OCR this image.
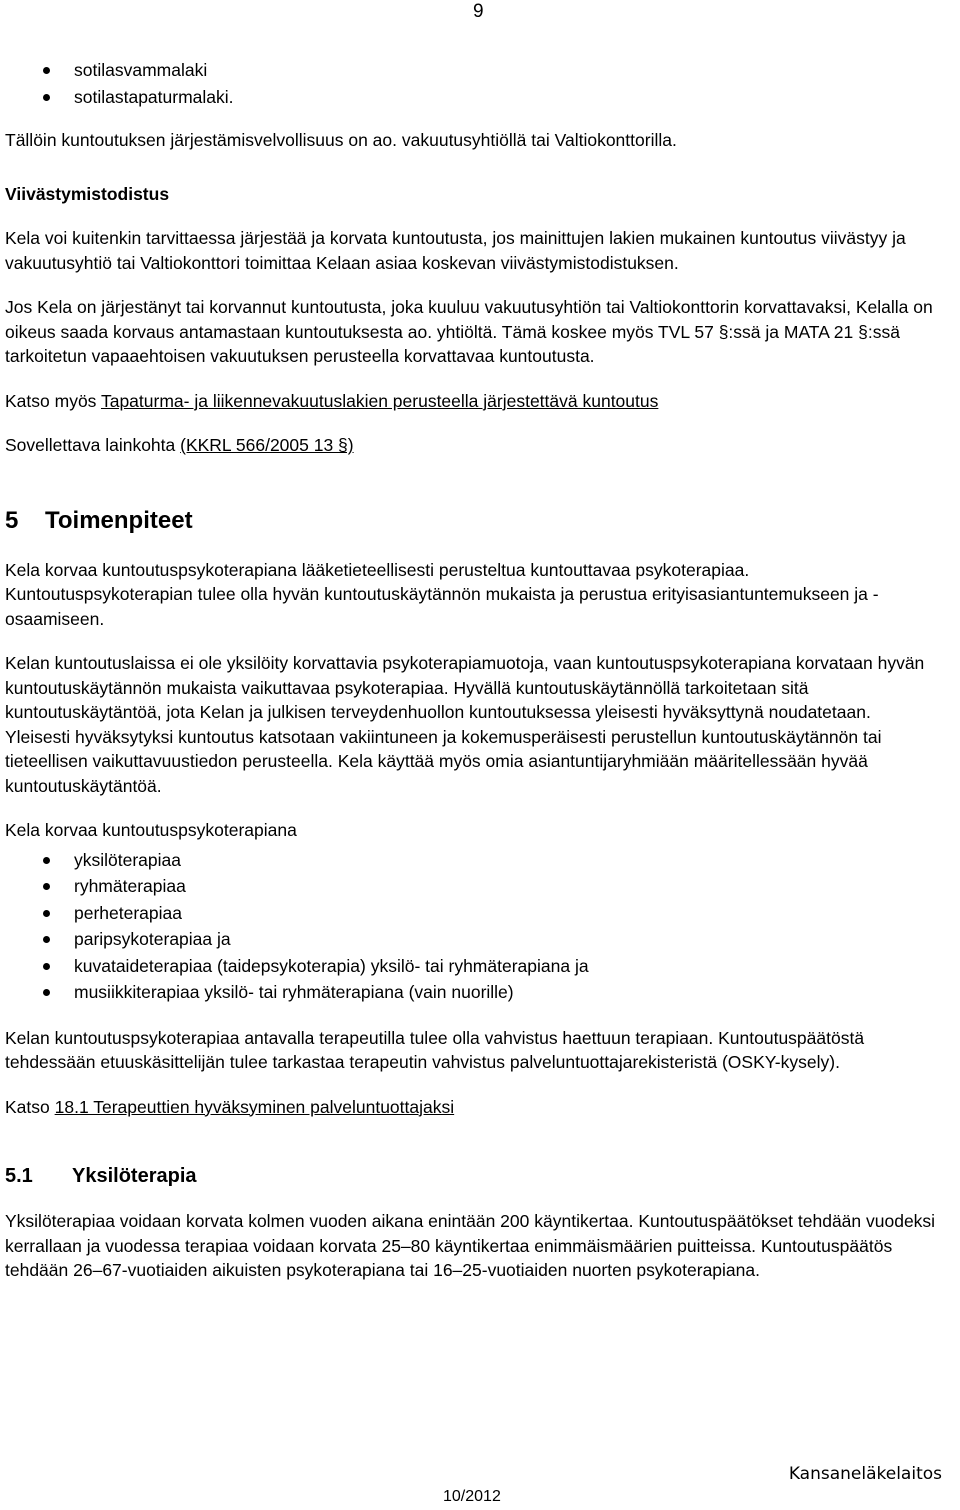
9
sotilasvammalaki
sotilastapaturmalaki.

Tällöin kuntoutuksen järjestämisvelvollisuus on ao. vakuutusyhtiöllä tai Valtiokonttorilla.

Viivästymistodistus

Kela voi kuitenkin tarvittaessa järjestää ja korvata kuntoutusta, jos mainittujen lakien mukainen kuntoutus viivästyy ja vakuutusyhtiö tai Valtiokonttori toimittaa Kelaan asiaa koskevan viivästymistodistuksen.

Jos Kela on järjestänyt tai korvannut kuntoutusta, joka kuuluu vakuutusyhtiön tai Valtiokonttorin korvattavaksi, Kelalla on oikeus saada korvaus antamastaan kuntoutuksesta ao. yhtiöltä. Tämä koskee myös TVL 57 §:ssä ja MATA 21 §:ssä tarkoitetun vapaaehtoisen vakuutuksen perusteella korvattavaa kuntoutusta.

Katso myös Tapaturma- ja liikennevakuutuslakien perusteella järjestettävä kuntoutus

Sovellettava lainkohta (KKRL 566/2005 13 §)

5 Toimenpiteet

Kela korvaa kuntoutuspsykoterapiana lääketieteellisesti perusteltua kuntouttavaa psykoterapiaa. Kuntoutuspsykoterapian tulee olla hyvän kuntoutuskäytännön mukaista ja perustua erityisasiantuntemukseen ja -osaamiseen.

Kelan kuntoutuslaissa ei ole yksilöity korvattavia psykoterapiamuotoja, vaan kuntoutuspsykoterapiana korvataan hyvän kuntoutuskäytännön mukaista vaikuttavaa psykoterapiaa. Hyvällä kuntoutuskäytännöllä tarkoitetaan sitä kuntoutuskäytäntöä, jota Kelan ja julkisen terveydenhuollon kuntoutuksessa yleisesti hyväksyttynä noudatetaan. Yleisesti hyväksytyksi kuntoutus katsotaan vakiintuneen ja kokemusperäisesti perustellun kuntoutuskäytännön tai tieteellisen vaikuttavuustiedon perusteella. Kela käyttää myös omia asiantuntijaryhmiään määritellessään hyvää kuntoutuskäytäntöä.

Kela korvaa kuntoutuspsykoterapiana

yksilöterapiaa
ryhmäterapiaa
perheterapiaa
paripsykoterapiaa ja
kuvataideterapiaa (taidepsykoterapia) yksilö- tai ryhmäterapiana ja
musiikkiterapiaa yksilö- tai ryhmäterapiana (vain nuorille)

Kelan kuntoutuspsykoterapiaa antavalla terapeutilla tulee olla vahvistus haettuun terapiaan. Kuntoutuspäätöstä tehdessään etuuskäsittelijän tulee tarkastaa terapeutin vahvistus palveluntuottajarekisteristä (OSKY-kysely).

Katso 18.1 Terapeuttien hyväksyminen palveluntuottajaksi

5.1 Yksilöterapia

Yksilöterapiaa voidaan korvata kolmen vuoden aikana enintään 200 käyntikertaa. Kuntoutuspäätökset tehdään vuodeksi kerrallaan ja vuodessa terapiaa voidaan korvata 25–80 käyntikertaa enimmäismäärien puitteissa. Kuntoutuspäätös tehdään 26–67-vuotiaiden aikuisten psykoterapiana tai 16–25-vuotiaiden nuorten psykoterapiana.

Kansaneläkelaitos
10/2012
